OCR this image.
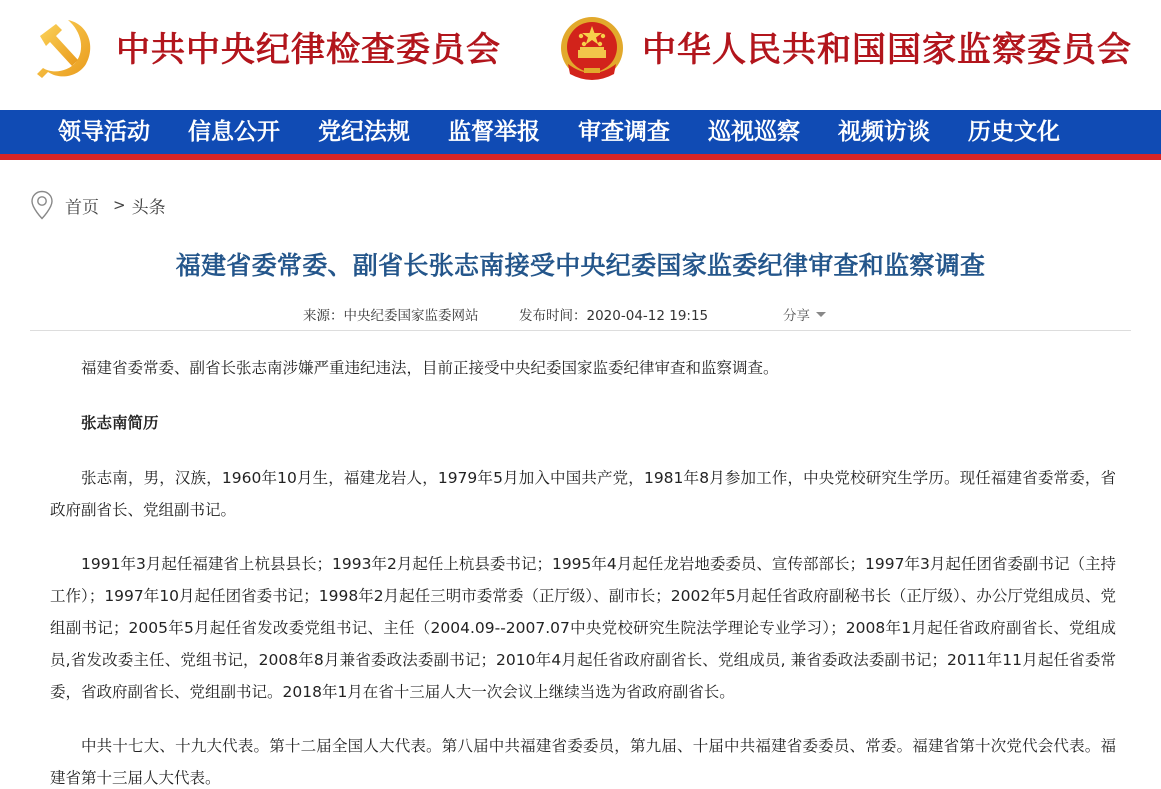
中共中央纪律检查委员会	中华人民共和国国家监察委员会
领导活动 信息公开 党纪法规 监督举报 审查调查 巡视巡察 视频访谈 历史文化
首页 > 头条
福建省委常委、副省长张志南接受中央纪委国家监委纪律审查和监察调查
来源：中央纪委国家监委网站	发布时间：2020-04-12 19:15	分享

福建省委常委、副省长张志南涉嫌严重违纪违法，目前正接受中央纪委国家监委纪律审查和监察调查。

张志南简历

张志南，男，汉族，1960年10月生，福建龙岩人，1979年5月加入中国共产党，1981年8月参加工作，中央党校研究生学历。现任福建省委常委，省政府副省长、党组副书记。

1991年3月起任福建省上杭县县长；1993年2月起任上杭县委书记；1995年4月起任龙岩地委委员、宣传部部长；1997年3月起任团省委副书记（主持工作）；1997年10月起任团省委书记；1998年2月起任三明市委常委（正厅级）、副市长；2002年5月起任省政府副秘书长（正厅级）、办公厅党组成员、党组副书记；2005年5月起任省发改委党组书记、主任（2004.09--2007.07中央党校研究生院法学理论专业学习）；2008年1月起任省政府副省长、党组成员,省发改委主任、党组书记，2008年8月兼省委政法委副书记；2010年4月起任省政府副省长、党组成员, 兼省委政法委副书记；2011年11月起任省委常委，省政府副省长、党组副书记。2018年1月在省十三届人大一次会议上继续当选为省政府副省长。

中共十七大、十九大代表。第十二届全国人大代表。第八届中共福建省委委员，第九届、十届中共福建省委委员、常委。福建省第十次党代会代表。福建省第十三届人大代表。
